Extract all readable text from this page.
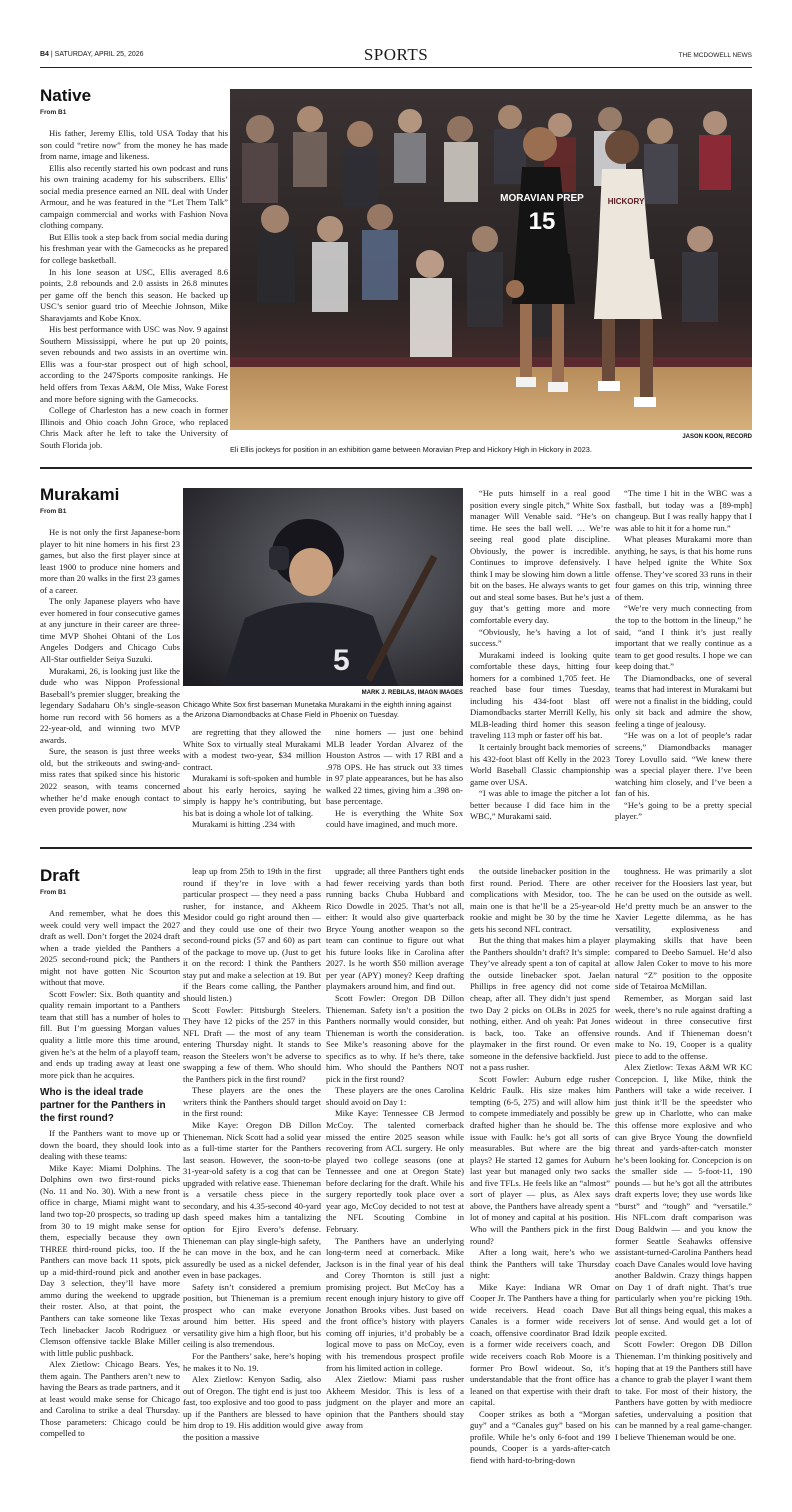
B4 | SATURDAY, APRIL 25, 2026	SPORTS	THE MCDOWELL NEWS
Native
From B1

His father, Jeremy Ellis, told USA Today that his son could “retire now” from the money he has made from name, image and likeness.

Ellis also recently started his own podcast and runs his own training academy for his subscribers. Ellis’ social media presence earned an NIL deal with Under Armour, and he was featured in the “Let Them Talk” campaign commercial and works with Fashion Nova clothing company.

But Ellis took a step back from social media during his freshman year with the Gamecocks as he prepared for college basketball.

In his lone season at USC, Ellis averaged 8.6 points, 2.8 rebounds and 2.0 assists in 26.8 minutes per game off the bench this season. He backed up USC’s senior guard trio of Meechie Johnson, Mike Sharavjamts and Kobe Knox.

His best performance with USC was Nov. 9 against Southern Mississippi, where he put up 20 points, seven rebounds and two assists in an overtime win. Ellis was a four-star prospect out of high school, according to the 247Sports composite rankings. He held offers from Texas A&M, Ole Miss, Wake Forest and more before signing with the Gamecocks.

College of Charleston has a new coach in former Illinois and Ohio coach John Groce, who replaced Chris Mack after he left to take the University of South Florida job.

MORAVIAN PREP
15
HICKORY
JASON KOON, RECORD
Eli Ellis jockeys for position in an exhibition game between Moravian Prep and Hickory High in Hickory in 2023.
Murakami
From B1

He is not only the first Japanese-born player to hit nine homers in his first 23 games, but also the first player since at least 1900 to produce nine homers and more than 20 walks in the first 23 games of a career.

The only Japanese players who have ever homered in four consecutive games at any juncture in their career are three-time MVP Shohei Ohtani of the Los Angeles Dodgers and Chicago Cubs All-Star outfielder Seiya Suzuki.

Murakami, 26, is looking just like the dude who was Nippon Professional Baseball’s premier slugger, breaking the legendary Sadaharu Oh’s single-season home run record with 56 homers as a 22-year-old, and winning two MVP awards.

Sure, the season is just three weeks old, but the strikeouts and swing-and-miss rates that spiked since his historic 2022 season, with teams concerned whether he’d make enough contact to even provide power, now

5
MARK J. REBILAS, IMAGN IMAGES
Chicago White Sox first baseman Munetaka Murakami in the eighth inning against the Arizona Diamondbacks at Chase Field in Phoenix on Tuesday.

are regretting that they allowed the White Sox to virtually steal Murakami with a modest two-year, $34 million contract.

Murakami is soft-spoken and humble about his early heroics, saying he simply is happy he’s contributing, but his bat is doing a whole lot of talking.

Murakami is hitting .234 with

nine homers — just one behind MLB leader Yordan Alvarez of the Houston Astros — with 17 RBI and a .978 OPS. He has struck out 33 times in 97 plate appearances, but he has also walked 22 times, giving him a .398 on-base percentage.

He is everything the White Sox could have imagined, and much more.

“He puts himself in a real good position every single pitch,” White Sox manager Will Venable said. “He’s on time. He sees the ball well. … We’re seeing real good plate discipline. Obviously, the power is incredible. Continues to improve defensively. I think I may be slowing him down a little bit on the bases. He always wants to get out and steal some bases. But he’s just a guy that’s getting more and more comfortable every day.

“Obviously, he’s having a lot of success.”

Murakami indeed is looking quite comfortable these days, hitting four homers for a combined 1,705 feet. He reached base four times Tuesday, including his 434-foot blast off Diamondbacks starter Merrill Kelly, his MLB-leading third homer this season traveling 113 mph or faster off his bat.

It certainly brought back memories of his 432-foot blast off Kelly in the 2023 World Baseball Classic championship game over USA.

“I was able to image the pitcher a lot better because I did face him in the WBC,” Murakami said.

“The time I hit in the WBC was a fastball, but today was a [89-mph] changeup. But I was really happy that I was able to hit it for a home run.”

What pleases Murakami more than anything, he says, is that his home runs have helped ignite the White Sox offense. They’ve scored 33 runs in their four games on this trip, winning three of them.

“We’re very much connecting from the top to the bottom in the lineup,” he said, “and I think it’s just really important that we really continue as a team to get good results. I hope we can keep doing that.”

The Diamondbacks, one of several teams that had interest in Murakami but were not a finalist in the bidding, could only sit back and admire the show, feeling a tinge of jealousy.

“He was on a lot of people’s radar screens,” Diamondbacks manager Torey Lovullo said. “We knew there was a special player there. I’ve been watching him closely, and I’ve been a fan of his.

“He’s going to be a pretty special player.”

Draft
From B1

And remember, what he does this week could very well impact the 2027 draft as well. Don’t forget the 2024 draft when a trade yielded the Panthers a 2025 second-round pick; the Panthers might not have gotten Nic Scourton without that move.

Scott Fowler: Six. Both quantity and quality remain important to a Panthers team that still has a number of holes to fill. But I’m guessing Morgan values quality a little more this time around, given he’s at the helm of a playoff team, and ends up trading away at least one more pick than he acquires.

Who is the ideal trade partner for the Panthers in the first round?

If the Panthers want to move up or down the board, they should look into dealing with these teams:

Mike Kaye: Miami Dolphins. The Dolphins own two first-round picks (No. 11 and No. 30). With a new front office in charge, Miami might want to land two top-20 prospects, so trading up from 30 to 19 might make sense for them, especially because they own THREE third-round picks, too. If the Panthers can move back 11 spots, pick up a mid-third-round pick and another Day 3 selection, they’ll have more ammo during the weekend to upgrade their roster. Also, at that point, the Panthers can take someone like Texas Tech linebacker Jacob Rodriguez or Clemson offensive tackle Blake Miller with little public pushback.

Alex Zietlow: Chicago Bears. Yes, them again. The Panthers aren’t new to having the Bears as trade partners, and it at least would make sense for Chicago and Carolina to strike a deal Thursday. Those parameters: Chicago could be compelled to

leap up from 25th to 19th in the first round if they’re in love with a particular prospect — they need a pass rusher, for instance, and Akheem Mesidor could go right around then — and they could use one of their two second-round picks (57 and 60) as part of the package to move up. (Just to get it on the record: I think the Panthers stay put and make a selection at 19. But if the Bears come calling, the Panther should listen.)

Scott Fowler: Pittsburgh Steelers. They have 12 picks of the 257 in this NFL Draft — the most of any team entering Thursday night. It stands to reason the Steelers won’t be adverse to swapping a few of them. Who should the Panthers pick in the first round?

These players are the ones the writers think the Panthers should target in the first round:

Mike Kaye: Oregon DB Dillon Thieneman. Nick Scott had a solid year as a full-time starter for the Panthers last season. However, the soon-to-be 31-year-old safety is a cog that can be upgraded with relative ease. Thieneman is a versatile chess piece in the secondary, and his 4.35-second 40-yard dash speed makes him a tantalizing option for Ejiro Evero’s defense. Thieneman can play single-high safety, he can move in the box, and he can assuredly be used as a nickel defender, even in base packages.

Safety isn’t considered a premium position, but Thieneman is a premium prospect who can make everyone around him better. His speed and versatility give him a high floor, but his ceiling is also tremendous.

For the Panthers’ sake, here’s hoping he makes it to No. 19.

Alex Zietlow: Kenyon Sadiq, also out of Oregon. The tight end is just too fast, too explosive and too good to pass up if the Panthers are blessed to have him drop to 19. His addition would give the position a massive

upgrade; all three Panthers tight ends had fewer receiving yards than both running backs Chuba Hubbard and Rico Dowdle in 2025. That’s not all, either: It would also give quarterback Bryce Young another weapon so the team can continue to figure out what his future looks like in Carolina after 2027. Is he worth $50 million average per year (APY) money? Keep drafting playmakers around him, and find out.

Scott Fowler: Oregon DB Dillon Thieneman. Safety isn’t a position the Panthers normally would consider, but Thieneman is worth the consideration. See Mike’s reasoning above for the specifics as to why. If he’s there, take him. Who should the Panthers NOT pick in the first round?

These players are the ones Carolina should avoid on Day 1:

Mike Kaye: Tennessee CB Jermod McCoy. The talented cornerback missed the entire 2025 season while recovering from ACL surgery. He only played two college seasons (one at Tennessee and one at Oregon State) before declaring for the draft. While his surgery reportedly took place over a year ago, McCoy decided to not test at the NFL Scouting Combine in February.

The Panthers have an underlying long-term need at cornerback. Mike Jackson is in the final year of his deal and Corey Thornton is still just a promising project. But McCoy has a recent enough injury history to give off Jonathon Brooks vibes. Just based on the front office’s history with players coming off injuries, it’d probably be a logical move to pass on McCoy, even with his tremendous prospect profile from his limited action in college.

Alex Zietlow: Miami pass rusher Akheem Mesidor. This is less of a judgment on the player and more an opinion that the Panthers should stay away from

the outside linebacker position in the first round. Period. There are other complications with Mesidor, too. The main one is that he’ll be a 25-year-old rookie and might be 30 by the time he gets his second NFL contract.

But the thing that makes him a player the Panthers shouldn’t draft? It’s simple: They’ve already spent a ton of capital at the outside linebacker spot. Jaelan Phillips in free agency did not come cheap, after all. They didn’t just spend two Day 2 picks on OLBs in 2025 for nothing, either. And oh yeah: Pat Jones is back, too. Take an offensive playmaker in the first round. Or even someone in the defensive backfield. Just not a pass rusher.

Scott Fowler: Auburn edge rusher Keldric Faulk. His size makes him tempting (6-5, 275) and will allow him to compete immediately and possibly be drafted higher than he should be. The issue with Faulk: he’s got all sorts of measurables. But where are the big plays? He started 12 games for Auburn last year but managed only two sacks and five TFLs. He feels like an “almost” sort of player — plus, as Alex says above, the Panthers have already spent a lot of money and capital at his position. Who will the Panthers pick in the first round?

After a long wait, here’s who we think the Panthers will take Thursday night:

Mike Kaye: Indiana WR Omar Cooper Jr. The Panthers have a thing for wide receivers. Head coach Dave Canales is a former wide receivers coach, offensive coordinator Brad Idzik is a former wide receivers coach, and wide receivers coach Rob Moore is a former Pro Bowl wideout. So, it’s understandable that the front office has leaned on that expertise with their draft capital.

Cooper strikes as both a “Morgan guy” and a “Canales guy” based on his profile. While he’s only 6-foot and 199 pounds, Cooper is a yards-after-catch fiend with hard-to-bring-down

toughness. He was primarily a slot receiver for the Hoosiers last year, but he can be used on the outside as well. He’d pretty much be an answer to the Xavier Legette dilemma, as he has versatility, explosiveness and playmaking skills that have been compared to Deebo Samuel. He’d also allow Jalen Coker to move to his more natural “Z” position to the opposite side of Tetairoa McMillan.

Remember, as Morgan said last week, there’s no rule against drafting a wideout in three consecutive first rounds. And if Thieneman doesn’t make to No. 19, Cooper is a quality piece to add to the offense.

Alex Zietlow: Texas A&M WR KC Concepcion. I, like Mike, think the Panthers will take a wide receiver. I just think it’ll be the speedster who grew up in Charlotte, who can make this offense more explosive and who can give Bryce Young the downfield threat and yards-after-catch monster he’s been looking for. Concepcion is on the smaller side — 5-foot-11, 190 pounds — but he’s got all the attributes draft experts love; they use words like “burst” and “tough” and “versatile.” His NFL.com draft comparison was Doug Baldwin — and you know the former Seattle Seahawks offensive assistant-turned-Carolina Panthers head coach Dave Canales would love having another Baldwin. Crazy things happen on Day 1 of draft night. That’s true particularly when you’re picking 19th. But all things being equal, this makes a lot of sense. And would get a lot of people excited.

Scott Fowler: Oregon DB Dillon Thieneman. I’m thinking positively and hoping that at 19 the Panthers still have a chance to grab the player I want them to take. For most of their history, the Panthers have gotten by with mediocre safeties, undervaluing a position that can be manned by a real game-changer. I believe Thieneman would be one.
